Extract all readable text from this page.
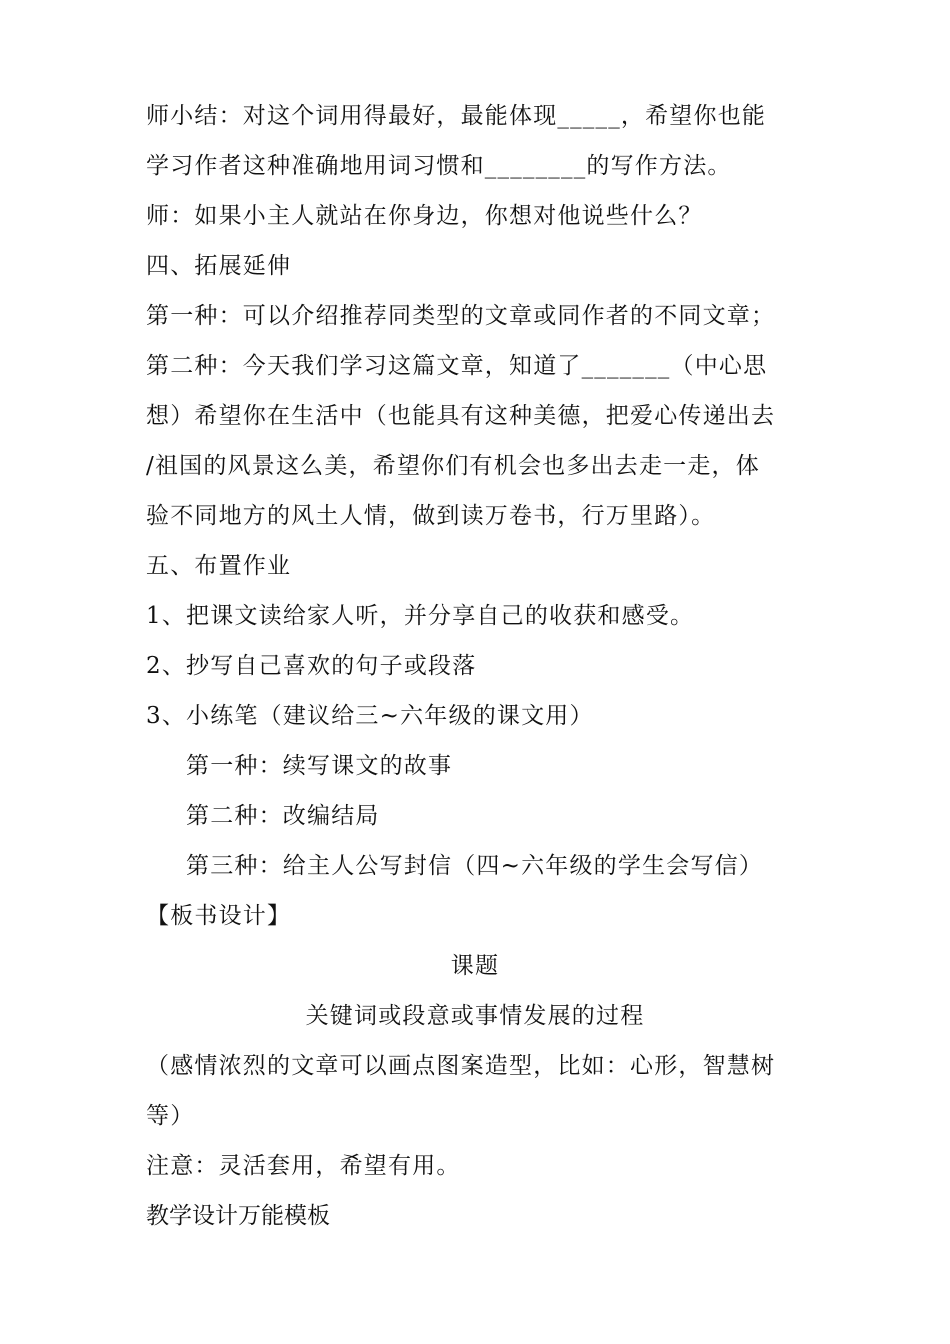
师小结：对这个词用得最好，最能体现_____，希望你也能
学习作者这种准确地用词习惯和________的写作方法。
师：如果小主人就站在你身边，你想对他说些什么？
四、拓展延伸
第一种：可以介绍推荐同类型的文章或同作者的不同文章；
第二种：今天我们学习这篇文章，知道了_______（中心思
想）希望你在生活中（也能具有这种美德，把爱心传递出去
/祖国的风景这么美，希望你们有机会也多出去走一走，体
验不同地方的风土人情，做到读万卷书，行万里路）。
五、布置作业
1、把课文读给家人听，并分享自己的收获和感受。
2、抄写自己喜欢的句子或段落
3、小练笔（建议给三~六年级的课文用）
第一种：续写课文的故事
第二种：改编结局
第三种：给主人公写封信（四~六年级的学生会写信）
【板书设计】
课题
关键词或段意或事情发展的过程
（感情浓烈的文章可以画点图案造型，比如：心形，智慧树
等）
注意：灵活套用，希望有用。
教学设计万能模板
